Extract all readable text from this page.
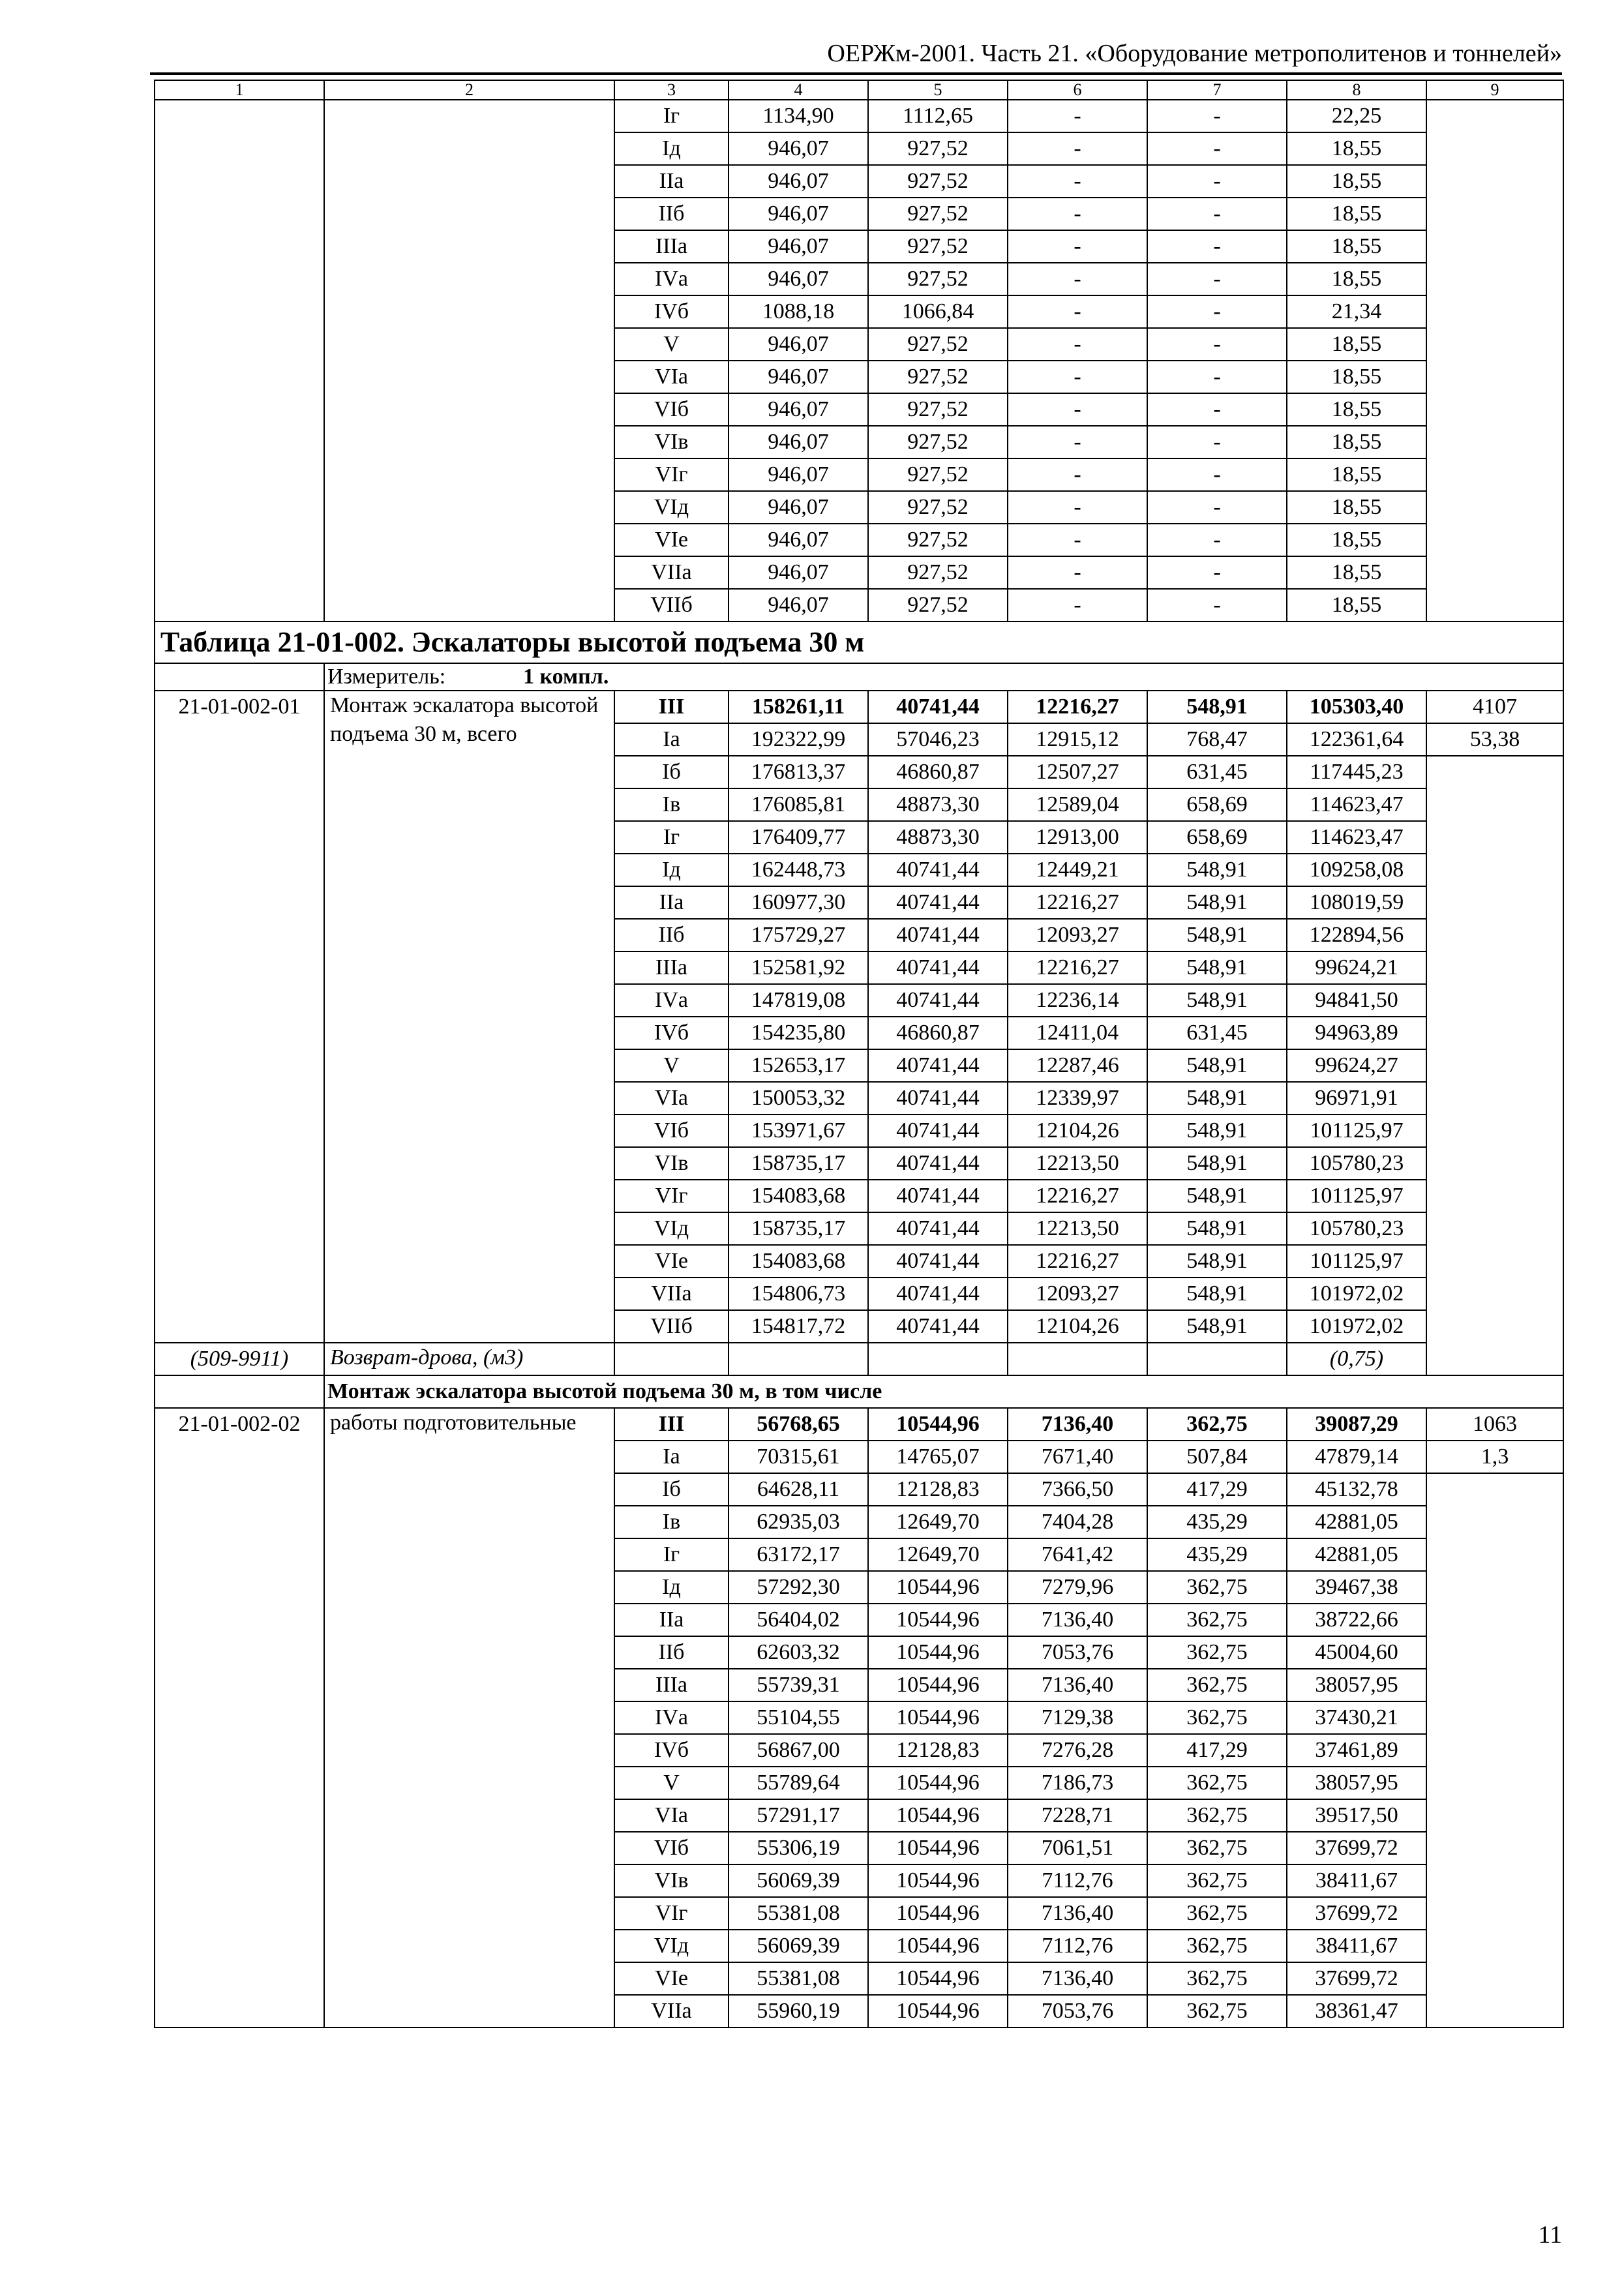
ОЕРЖм-2001. Часть 21. «Оборудование метрополитенов и тоннелей»
1	2	3	4	5	6	7	8	9
		Iг	1134,90	1112,65	-	-	22,25	
		Iд	946,07	927,52	-	-	18,55	
		IIа	946,07	927,52	-	-	18,55	
		IIб	946,07	927,52	-	-	18,55	
		IIIа	946,07	927,52	-	-	18,55	
		IVа	946,07	927,52	-	-	18,55	
		IVб	1088,18	1066,84	-	-	21,34	
		V	946,07	927,52	-	-	18,55	
		VIа	946,07	927,52	-	-	18,55	
		VIб	946,07	927,52	-	-	18,55	
		VIв	946,07	927,52	-	-	18,55	
		VIг	946,07	927,52	-	-	18,55	
		VIд	946,07	927,52	-	-	18,55	
		VIе	946,07	927,52	-	-	18,55	
		VIIа	946,07	927,52	-	-	18,55	
		VIIб	946,07	927,52	-	-	18,55	
Таблица 21-01-002. Эскалаторы высотой подъема 30 м								
	Измеритель: 1 компл.							
21-01-002-01	Монтаж эскалатора высотой подъема 30 м, всего	III	158261,11	40741,44	12216,27	548,91	105303,40	4107
		Iа	192322,99	57046,23	12915,12	768,47	122361,64	53,38
		Iб	176813,37	46860,87	12507,27	631,45	117445,23	
		Iв	176085,81	48873,30	12589,04	658,69	114623,47	
		Iг	176409,77	48873,30	12913,00	658,69	114623,47	
		Iд	162448,73	40741,44	12449,21	548,91	109258,08	
		IIа	160977,30	40741,44	12216,27	548,91	108019,59	
		IIб	175729,27	40741,44	12093,27	548,91	122894,56	
		IIIа	152581,92	40741,44	12216,27	548,91	99624,21	
		IVа	147819,08	40741,44	12236,14	548,91	94841,50	
		IVб	154235,80	46860,87	12411,04	631,45	94963,89	
		V	152653,17	40741,44	12287,46	548,91	99624,27	
		VIа	150053,32	40741,44	12339,97	548,91	96971,91	
		VIб	153971,67	40741,44	12104,26	548,91	101125,97	
		VIв	158735,17	40741,44	12213,50	548,91	105780,23	
		VIг	154083,68	40741,44	12216,27	548,91	101125,97	
		VIд	158735,17	40741,44	12213,50	548,91	105780,23	
		VIе	154083,68	40741,44	12216,27	548,91	101125,97	
		VIIа	154806,73	40741,44	12093,27	548,91	101972,02	
		VIIб	154817,72	40741,44	12104,26	548,91	101972,02	
(509-9911)	Возврат-дрова, (м3)						(0,75)	
	Монтаж эскалатора высотой подъема 30 м, в том числе							
21-01-002-02	работы подготовительные	III	56768,65	10544,96	7136,40	362,75	39087,29	1063
		Iа	70315,61	14765,07	7671,40	507,84	47879,14	1,3
		Iб	64628,11	12128,83	7366,50	417,29	45132,78	
		Iв	62935,03	12649,70	7404,28	435,29	42881,05	
		Iг	63172,17	12649,70	7641,42	435,29	42881,05	
		Iд	57292,30	10544,96	7279,96	362,75	39467,38	
		IIа	56404,02	10544,96	7136,40	362,75	38722,66	
		IIб	62603,32	10544,96	7053,76	362,75	45004,60	
		IIIа	55739,31	10544,96	7136,40	362,75	38057,95	
		IVа	55104,55	10544,96	7129,38	362,75	37430,21	
		IVб	56867,00	12128,83	7276,28	417,29	37461,89	
		V	55789,64	10544,96	7186,73	362,75	38057,95	
		VIа	57291,17	10544,96	7228,71	362,75	39517,50	
		VIб	55306,19	10544,96	7061,51	362,75	37699,72	
		VIв	56069,39	10544,96	7112,76	362,75	38411,67	
		VIг	55381,08	10544,96	7136,40	362,75	37699,72	
		VIд	56069,39	10544,96	7112,76	362,75	38411,67	
		VIе	55381,08	10544,96	7136,40	362,75	37699,72	
		VIIа	55960,19	10544,96	7053,76	362,75	38361,47	
11
